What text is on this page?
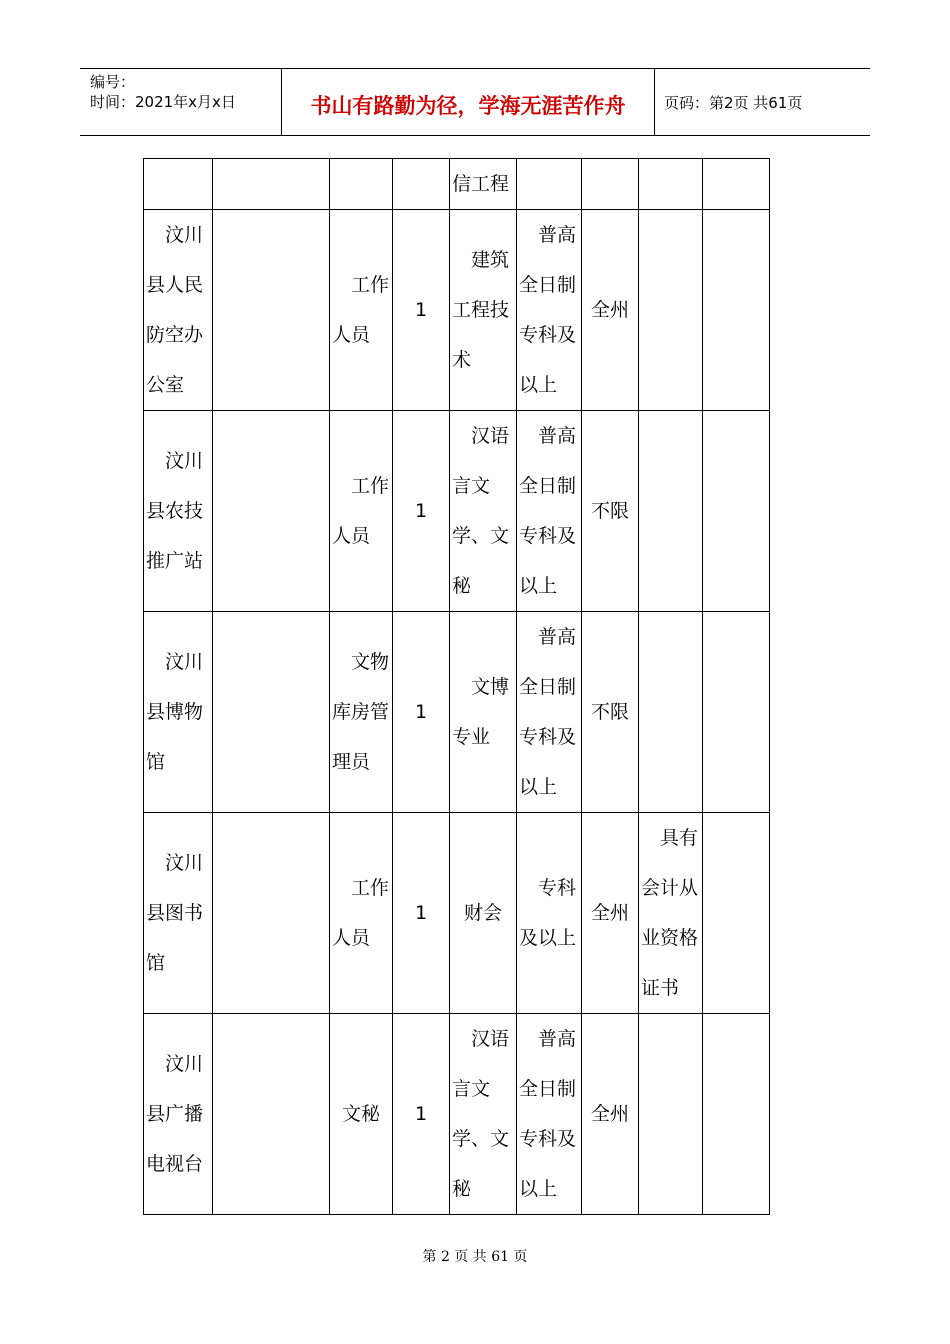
编号：
时间：2021年x月x日	书山有路勤为径，学海无涯苦作舟	页码：第2页 共61页
				信工程				
汶川县人民防空办公室		工作人员	1	建筑工程技术	普高全日制专科及以上	全州		
汶川县农技推广站		工作人员	1	汉语言文学、文秘	普高全日制专科及以上	不限		
汶川县博物馆		文物库房管理员	1	文博专业	普高全日制专科及以上	不限		
汶川县图书馆		工作人员	1	财会	专科及以上	全州	具有会计从业资格证书	
汶川县广播电视台		文秘	1	汉语言文学、文秘	普高全日制专科及以上	全州		
第 2 页 共 61 页
